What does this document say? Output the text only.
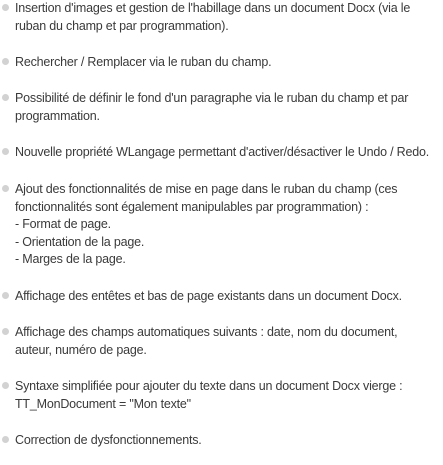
Insertion d'images et gestion de l'habillage dans un document Docx (via le
ruban du champ et par programmation).
Rechercher / Remplacer via le ruban du champ.
Possibilité de définir le fond d'un paragraphe via le ruban du champ et par
programmation.
Nouvelle propriété WLangage permettant d'activer/désactiver le Undo / Redo.
Ajout des fonctionnalités de mise en page dans le ruban du champ (ces
fonctionnalités sont également manipulables par programmation) :
- Format de page.
- Orientation de la page.
- Marges de la page.
Affichage des entêtes et bas de page existants dans un document Docx.
Affichage des champs automatiques suivants : date, nom du document,
auteur, numéro de page.
Syntaxe simplifiée pour ajouter du texte dans un document Docx vierge :
TT_MonDocument = "Mon texte"
Correction de dysfonctionnements.
